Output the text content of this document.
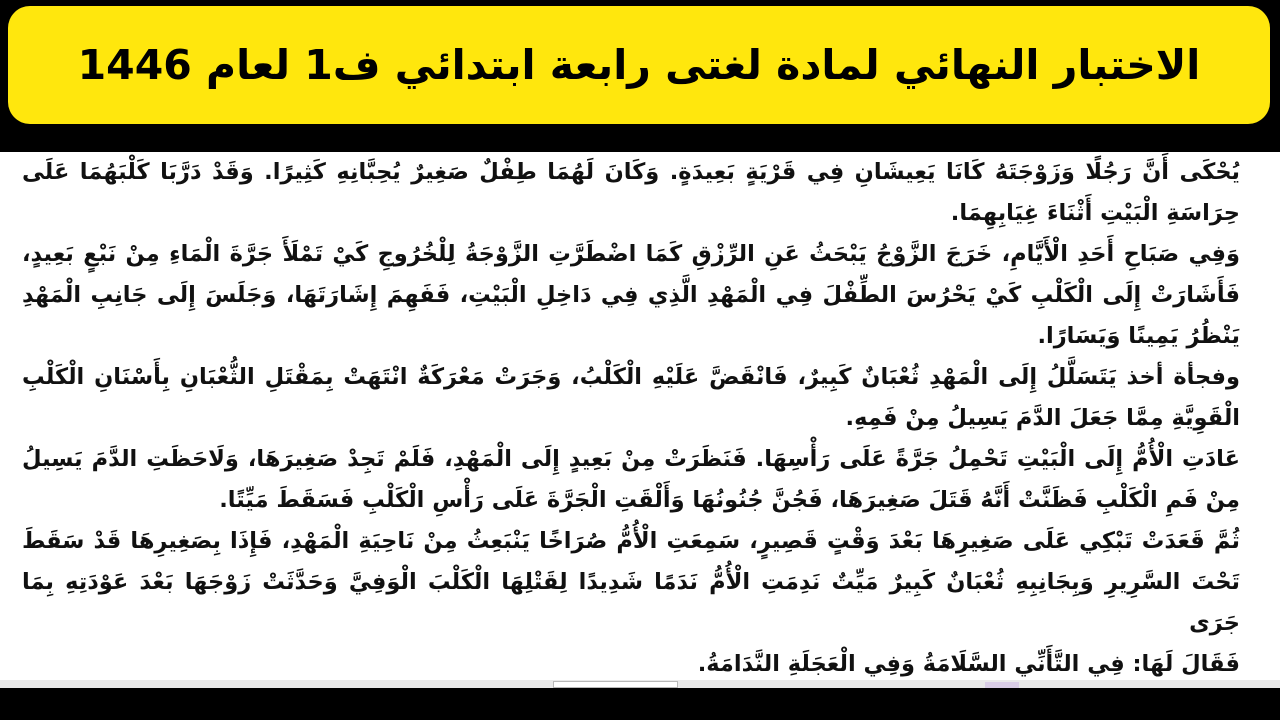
الاختبار النهائي لمادة لغتى رابعة ابتدائي ف1 لعام 1446

يُحْكَى أَنَّ رَجُلًا وَزَوْجَتَهُ كَانَا يَعِيشَانِ فِي قَرْيَةٍ بَعِيدَةٍ. وَكَانَ لَهُمَا طِفْلٌ صَغِيرٌ يُحِبَّانِهِ كَثِيرًا. وَقَدْ دَرَّبَا كَلْبَهُمَا عَلَى حِرَاسَةِ الْبَيْتِ أَثْنَاءَ غِيَابِهِمَا.

وَفِي صَبَاحِ أَحَدِ الْأَيَّامِ، خَرَجَ الزَّوْجُ يَبْحَثُ عَنِ الرِّزْقِ كَمَا اضْطَرَّتِ الزَّوْجَةُ لِلْخُرُوجِ كَيْ تَمْلَأَ جَرَّةَ الْمَاءِ مِنْ نَبْعٍ بَعِيدٍ، فَأَشَارَتْ إِلَى الْكَلْبِ كَيْ يَحْرُسَ الطِّفْلَ فِي الْمَهْدِ الَّذِي فِي دَاخِلِ الْبَيْتِ، فَفَهِمَ إِشَارَتَهَا، وَجَلَسَ إِلَى جَانِبِ الْمَهْدِ يَنْظُرُ يَمِينًا وَيَسَارًا.

وفجأة أخذ يَتَسَلَّلُ إِلَى الْمَهْدِ ثُعْبَانٌ كَبِيرٌ، فَانْقَضَّ عَلَيْهِ الْكَلْبُ، وَجَرَتْ مَعْرَكَةٌ انْتَهَتْ بِمَقْتَلِ الثُّعْبَانِ بِأَسْنَانِ الْكَلْبِ الْقَوِيَّةِ مِمَّا جَعَلَ الدَّمَ يَسِيلُ مِنْ فَمِهِ.

عَادَتِ الْأُمُّ إِلَى الْبَيْتِ تَحْمِلُ جَرَّةً عَلَى رَأْسِهَا. فَنَظَرَتْ مِنْ بَعِيدٍ إِلَى الْمَهْدِ، فَلَمْ تَجِدْ صَغِيرَهَا، وَلَاحَظَتِ الدَّمَ يَسِيلُ مِنْ فَمِ الْكَلْبِ فَظَنَّتْ أَنَّهُ قَتَلَ صَغِيرَهَا، فَجُنَّ جُنُونُهَا وَأَلْقَتِ الْجَرَّةَ عَلَى رَأْسِ الْكَلْبِ فَسَقَطَ مَيِّتًا.

ثُمَّ قَعَدَتْ تَبْكِي عَلَى صَغِيرِهَا بَعْدَ وَقْتٍ قَصِيرٍ، سَمِعَتِ الْأُمُّ صُرَاخًا يَنْبَعِثُ مِنْ نَاحِيَةِ الْمَهْدِ، فَإِذَا بِصَغِيرِهَا قَدْ سَقَطَ تَحْتَ السَّرِيرِ وَبِجَانِبِهِ ثُعْبَانٌ كَبِيرٌ مَيِّتٌ نَدِمَتِ الْأُمُّ نَدَمًا شَدِيدًا لِقَتْلِهَا الْكَلْبَ الْوَفِيَّ وَحَدَّثَتْ زَوْجَهَا بَعْدَ عَوْدَتِهِ بِمَا جَرَى

فَقَالَ لَهَا: فِي التَّأَنِّي السَّلَامَةُ وَفِي الْعَجَلَةِ النَّدَامَةُ.
